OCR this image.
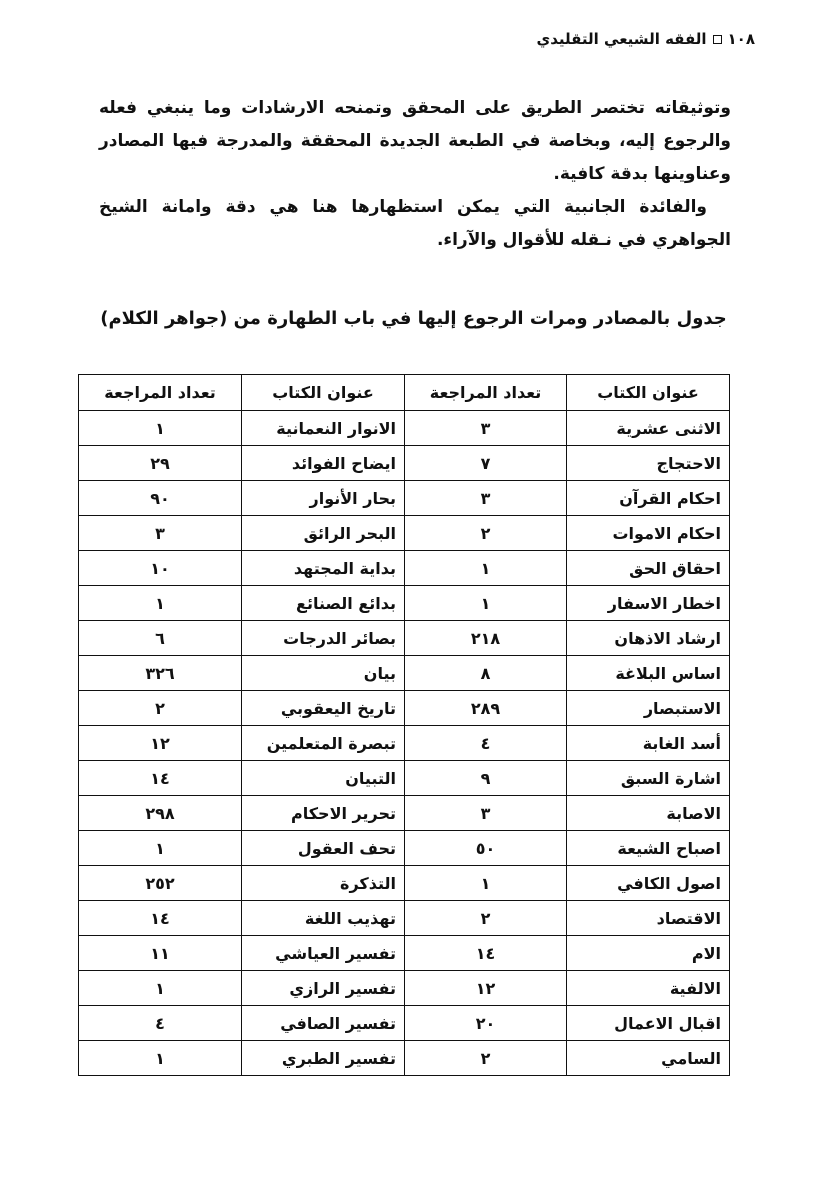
١٠٨
الفقه الشيعي التقليدي

وتوثيقاته تختصر الطريق على المحقق وتمنحه الارشادات وما ينبغي فعله والرجوع إليه، وبخاصة في الطبعة الجديدة المحققة والمدرجة فيها المصادر وعناوينها بدقة كافية.

والفائدة الجانبية التي يمكن استظهارها هنا هي دقة وامانة الشيخ الجواهري في نـقله للأقوال والآراء.

جدول بالمصادر ومرات الرجوع إليها في باب الطهارة من (جواهر الكلام)
عنوان الكتاب	تعداد المراجعة	عنوان الكتاب	تعداد المراجعة
الاثنى عشرية	٣	الانوار النعمانية	١
الاحتجاج	٧	ايضاح الفوائد	٢٩
احكام القرآن	٣	بحار الأنوار	٩٠
احكام الاموات	٢	البحر الرائق	٣
احقاق الحق	١	بداية المجتهد	١٠
اخطار الاسفار	١	بدائع الصنائع	١
ارشاد الاذهان	٢١٨	بصائر الدرجات	٦
اساس البلاغة	٨	بيان	٣٢٦
الاستبصار	٢٨٩	تاريخ اليعقوبي	٢
أسد الغابة	٤	تبصرة المتعلمين	١٢
اشارة السبق	٩	التبيان	١٤
الاصابة	٣	تحرير الاحكام	٢٩٨
اصباح الشيعة	٥٠	تحف العقول	١
اصول الكافي	١	التذكرة	٢٥٢
الاقتصاد	٢	تهذيب اللغة	١٤
الام	١٤	تفسير العياشي	١١
الالفية	١٢	تفسير الرازي	١
اقبال الاعمال	٢٠	تفسير الصافي	٤
السامي	٢	تفسير الطبري	١
